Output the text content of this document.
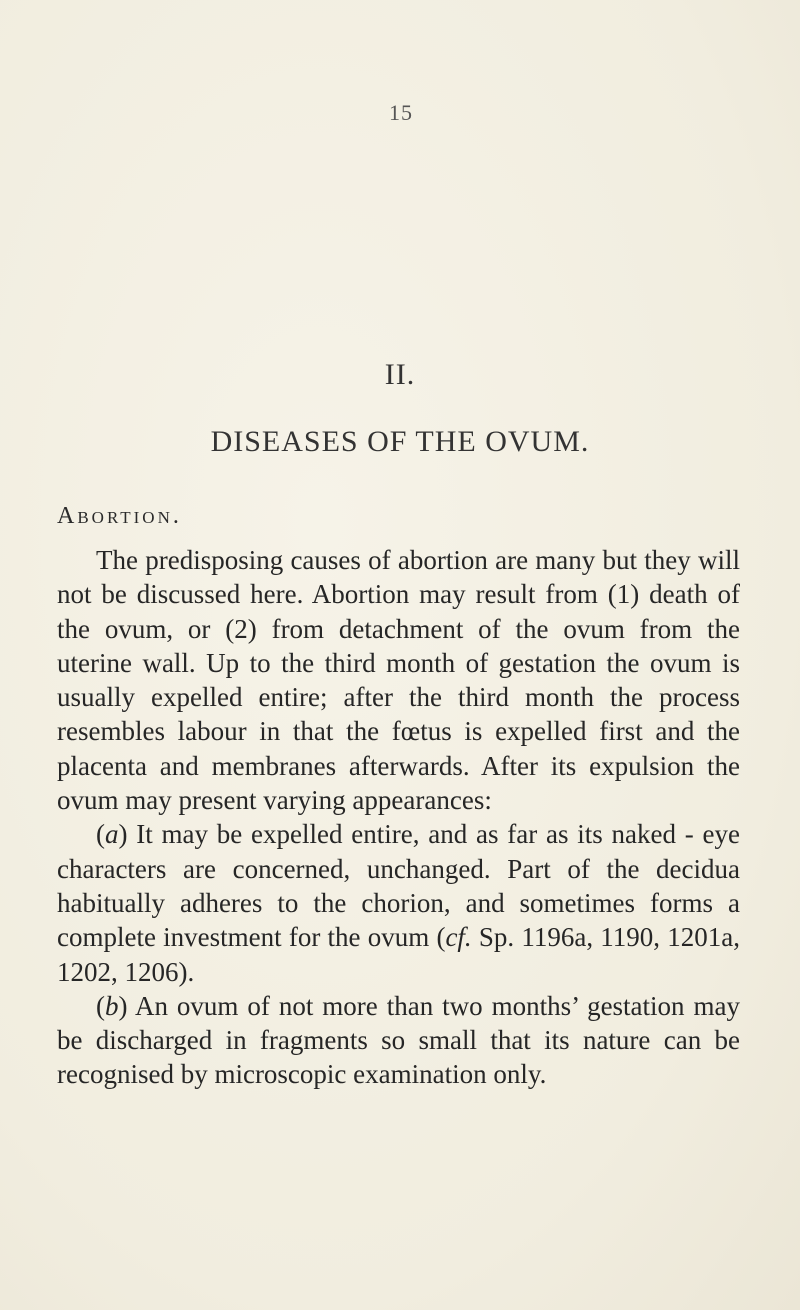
15
II.
DISEASES OF THE OVUM.
Abortion.

The predisposing causes of abortion are many but they will not be discussed here. Abortion may result from (1) death of the ovum, or (2) from detachment of the ovum from the uterine wall. Up to the third month of gestation the ovum is usually expelled entire; after the third month the process resembles labour in that the fœtus is expelled first and the placenta and membranes afterwards. After its expulsion the ovum may present varying appearances:

(a) It may be expelled entire, and as far as its naked - eye characters are concerned, unchanged. Part of the decidua habitually adheres to the chorion, and sometimes forms a complete investment for the ovum (cf. Sp. 1196a, 1190, 1201a, 1202, 1206).

(b) An ovum of not more than two months’ gestation may be discharged in fragments so small that its nature can be recognised by microscopic examination only.
